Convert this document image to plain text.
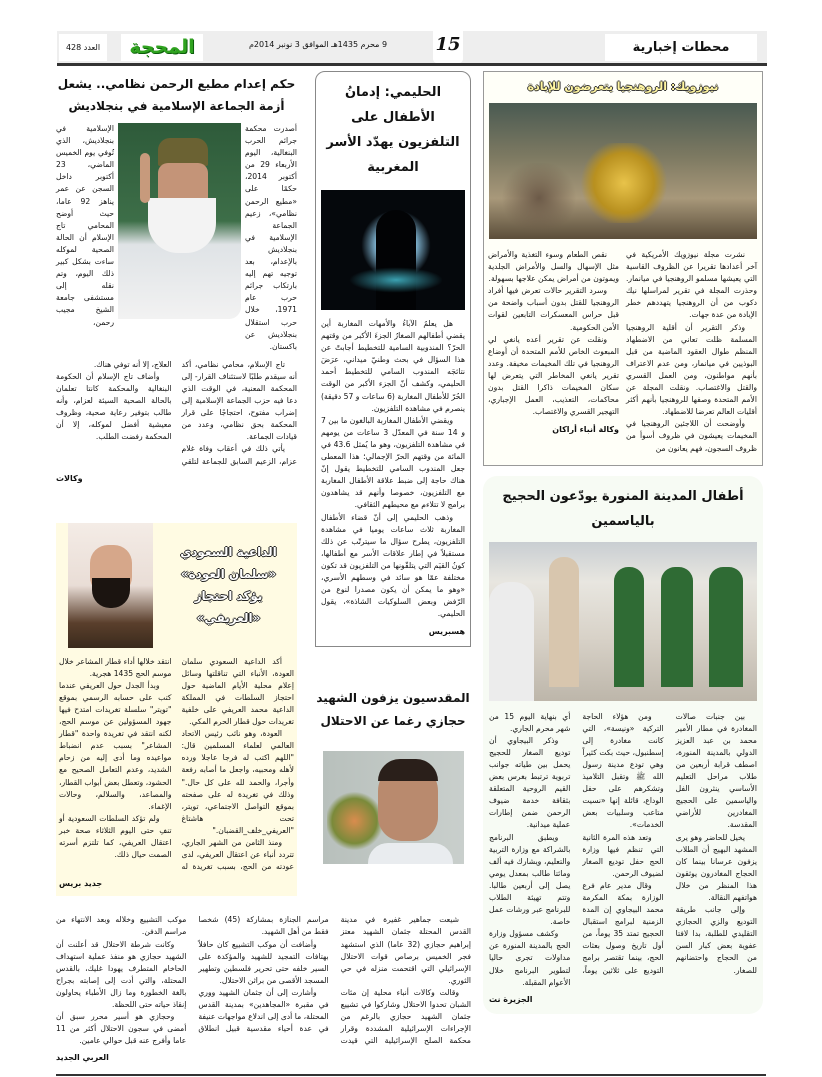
العدد 428	المحجة	9 محرم 1435هـ الموافق 3 نونبر 2014م	15	محطات إخبارية
حكم إعدام مطيع الرحمن نظامي.. يشعل أزمة الجماعة الإسلامية في بنجلاديش

أصدرت محكمة جرائم الحرب البنغالية، اليوم الأربعاء 29 من أكتوبر 2014، حكمًا على «مطيع الرحمن نظامي»، زعيم الجماعة الإسلامية في بنجلاديش بالإعدام، بعد توجيه تهم إليه بارتكاب جرائم حرب عام 1971، خلال حرب استقلال بنجلاديش عن باكستان.

الإسلامية في بنجلاديش، الذي تُوفي يوم الخميس الماضي، 23 أكتوبر داخل السجن عن عمر يناهز 92 عاما، حيث أوضح المحامي تاج الإسلام أن الحالة الصحية لموكله ساءت بشكل كبير ذلك اليوم، وتم نقله إلى مستشفى جامعة الشيخ مجيب رحمن،

تاج الإسلام، محامي نظامي، أكد أنه سيقدم طلبًا لاستئناف القرار- إلى المحكمة المعنية، في الوقت الذي دعا فيه حزب الجماعة الإسلامية إلى إضراب مفتوح، احتجاجًا على قرار المحكمة بحق نظامي، وعدد من قيادات الجماعة.

يأتي ذلك في أعقاب وفاة غلام عزام، الزعيم السابق للجماعة لتلقي العلاج، إلا أنه توفي هناك.

وأضاف تاج الإسلام أن الحكومة البنغالية والمحكمة كانتا تعلمان بالحالة الصحية السيئة لعزام، وأنه طالب بتوفير رعاية صحية، وظروف معيشية أفضل لموكله، إلا أن المحكمة رفضت الطلب.

وكالات
الداعية السعودي «سلمان العودة» يؤكد احتجاز «العريفي»

أكد الداعية السعودي سلمان العودة، الأنباء التي تناقلتها وسائل إعلام محلية الأيام الماضية حول احتجاز السلطات في المملكة الداعية محمد العريفي على خلفية تغريدات حول قطار الحرم المكي.

العودة، وهو نائب رئيس الاتحاد العالمي لعلماء المسلمين قال: "اللهم اكتب له فرجا عاجلا ورده لأهله ومحبيه، واجعل ما أصابه رفعة وأجرا، والحمد لله على كل حال." وذلك في تغريدة له على صفحته بموقع التواصل الاجتماعي، تويتر، تحت هاشتاغ "العريفي_خلف_القضبان."

ومنذ الثامن من الشهر الجاري، تتردد أنباء عن اعتقال العريفي، لدى عودته من الحج، بسبب تغريدة له انتقد خلالها أداء قطار المشاعر خلال موسم الحج 1435 هجرية.

وبدأ الجدل حول العريفي عندما كتب على حسابه الرسمي بموقع "تويتر" سلسلة تغريدات امتدح فيها جهود المسؤولين عن موسم الحج، لكنه انتقد في تغريدة واحدة "قطار المشاعر" بسبب عدم انضباط مواعيده وما أدى إليه من زحام الشديد، وعدم التعامل الصحيح مع الحشود، وتعطل بعض أبواب القطار، والمصاعد، والسلالم، وحالات الإغماء.

ولم تؤكد السلطات السعودية أو تنفِ حتى اليوم الثلاثاء صحة خبر اعتقال العريفي، كما تلتزم أسرته الصمت حيال ذلك.

جديد بريس
الحليمي: إدمانُ الأطفال على التلفزيون يهدّد الأسر المغربية

هل يعلمُ الآباءُ والأمهات المغاربة أين يقضي أطفالهم الصغارُ الجزءَ الأكبر من وقتهم الحرّ؟ المندوبية السامية للتخطيط أجابتْ عن هذا السؤال في بحث وطنيّ ميداني، عرَضَ نتائجَه المندوب السامي للتخطيط أحمد الحليمي، وكشف أنّ الجزء الأكبر من الوقت الحُرّ للأطفال المغاربة (6 ساعات و 57 دقيقة) ينصرم في مشاهدة التلفزيون.

ويقضي الأطفال المغاربة البالغون ما بين 7 و 14 سنة في المعدّل 3 ساعات من يومهم في مشاهدة التلفزيون، وهو ما يُمثل 43.6 في المائة من وقتهم الحرّ الإجمالي؛ هذا المعطى جعل المندوب السامي للتخطيط يقول إنّ هناك حاجة إلى ضبط علاقة الأطفال المغاربة مع التلفزيون، خصوصا وأنهم قد يشاهدون برامج لا تتلاءم مع محيطهم الثقافي.

وذهب الحليمي إلى أنّ قضاء الأطفال المغاربة ثلاث ساعات يوميا في مشاهدة التلفزيون، يطرح سؤال ما سيترتّب عن ذلك مستقبلاً في إطار علاقات الأسر مع أطفالها، كونُ القيَم التي يتلقّونها من التلفزيون قد تكون مختلفة عمّا هو سائد في وسطهم الأسري، «وهو ما يمكن أن يكون مصدرا لنوع من الرّفض وبعض السلوكيات الشاذة»، يقول الحليمي.

هسبريس
المقدسيون يزفون الشهيد حجازي رغما عن الاحتلال

شيعت جماهير غفيرة في مدينة القدس المحتلة جثمان الشهيد معتز إبراهيم حجازي (32 عاما) الذي استشهد فجر الخميس برصاص قوات الاحتلال الإسرائيلي التي اقتحمت منزله في حي الثوري.

وقالت وكالات أنباء محلية إن مئات الشبان تحدوا الاحتلال وشاركوا في تشييع جثمان الشهيد حجازي بالرغم من الإجراءات الإسرائيلية المشددة وقرار محكمة الصلح الإسرائيلية التي قيدت مراسم الجنازة بمشاركة (45) شخصا فقط من أهل الشهيد.

وأضافت أن موكب التشييع كان حافلاً بهتافات التمجيد للشهيد والمؤكدة على السير خلفه حتى تحرير فلسطين وتطهير المسجد الأقصى من براثن الاحتلال.

وأشارت إلى أن جثمان الشهيد ووري في مقبرة «المجاهدين» بمدينة القدس المحتلة، ما أدى إلى اندلاع مواجهات عنيفة في عدة أحياء مقدسية قبيل انطلاق موكب التشييع وخلاله وبعد الانتهاء من مراسم الدفن.

وكانت شرطة الاحتلال قد أعلنت أن الشهيد حجازي هو منفذ عملية استهداف الحاخام المتطرف يهودا غليك، بالقدس المحتلة، والتي أدت إلى إصابته بجراح بالغة الخطورة وما زال الأطباء يحاولون إنقاذ حياته حتى اللحظة.

وحجازي هو أسير محرر سبق أن أمضى في سجون الاحتلال أكثر من 11 عاما وأفرج عنه قبل حوالي عامين.

العربي الجديد
نيوزويك: الروهنجيا يتعرضون للإبادة

نشرت مجلة نيوزويك الأمريكية في آخر أعدادها تقريرا عن الظروف القاسية التي يعيشها مسلمو الروهنجيا في ميانمار. وحذرت المجلة في تقرير لمراسلها نيك دكوب من أن الروهنجيا يتهددهم خطر الإبادة من عدة جهات.

وذكر التقرير أن أقلية الروهنجيا المسلمة ظلت تعاني من الاضطهاد المنظم طوال العقود الماضية من قبل البوذيين في ميانمار، ومن عدم الاعتراف بأنهم مواطنون، ومن العمل القسري والقتل والاغتصاب. ونقلت المجلة عن الأمم المتحدة وصفها للروهنجيا بأنهم أكثر أقليات العالم تعرضا للاضطهاد.

وأوضحت أن اللاجئين الروهنجيا في المخيمات يعيشون في ظروف أسوأ من ظروف السجون، فهم يعانون من

نقص الطعام وسوء التغذية والأمراض مثل الإسهال والسل والأمراض الجلدية ويموتون من أمراض يمكن علاجها بسهولة.

وسرد التقرير حالات تعرض فيها أفراد الروهنجيا للقتل بدون أسباب واضحة من قبل حراس المعسكرات التابعين لقوات الأمن الحكومية.

ونقلت عن تقرير أعده يانغي لي المبعوث الخاص للأمم المتحدة أن أوضاع الروهنجيا في تلك المخيمات مخيفة. وعدد تقرير يانغي المخاطر التي يتعرض لها سكان المخيمات ذاكرا القتل بدون محاكمات، التعذيب، العمل الإجباري، التهجير القسري والاغتصاب.

وكالة أنباء أراكان
أطفال المدينة المنورة يودّعون الحجيج بالياسمين

بين جنبات صالات المغادرة في مطار الأمير محمد بن عبد العزيز الدولي بالمدينة المنورة، اصطف قرابة أربعين من طلاب مراحل التعليم الأساسي ينثرون الفل والياسمين على الحجيج المغادرين للأراضي المقدسة.

يخيل للحاضر وهو يرى المشهد البهيج أن الطلاب يزفون عرسانا بينما كان الحجاج المغادرون يوثقون هذا المنظر من خلال هواتفهم النقالة.

وإلى جانب طريقة التوديع والزي الحجازي التقليدي للطلبة، بدا لافتا عفوية بعض كبار السن من الحجاج واحتضانهم للصغار.

ومن هؤلاء الحاجة التركية «ونيسة»، التي كانت مغادرة إلى إسطنبول، حيث بكت كثيراً وهي تودع مدينة رسول الله ﷺ وتقبل التلاميذ وتشكرهم على حفل الوداع، قائلة إنها «نسيت متاعب وسلبيات بعض الخدمات».

وتعد هذه المرة الثانية التي تنظم فيها وزارة الحج حفل توديع الصغار لضيوف الرحمن.

وقال مدير عام فرع الوزارة بمكة المكرمة محمد البيجاوي إن المدة الزمنية لبرامج استقبال الحجيج تمتد 35 يوماً، من أول تاريخ وصول بعثات الحج، بينما تقتصر برامج التوديع على ثلاثين يوماً، أي بنهاية اليوم 15 من شهر محرم الجاري.

وذكر البيجاوي أن توديع الصغار للحجيج يحمل بين طياته جوانب تربوية ترتبط بغرس بعض القيم الروحية المتعلقة بثقافة خدمة ضيوف الرحمن ضمن إطارات عملية ميدانية.

ويطبق البرنامج بالشراكة مع وزارة التربية والتعليم، ويشارك فيه ألف ومائتا طالب بمعدل يومي يصل إلى أربعين طالبا. وتتم تهيئة الطلاب للبرنامج عبر ورشات عمل خاصة.

وكشف مسؤول وزارة الحج بالمدينة المنورة عن مداولات تجرى حاليا لتطوير البرنامج خلال الأعوام المقبلة.

الجزيرة نت
